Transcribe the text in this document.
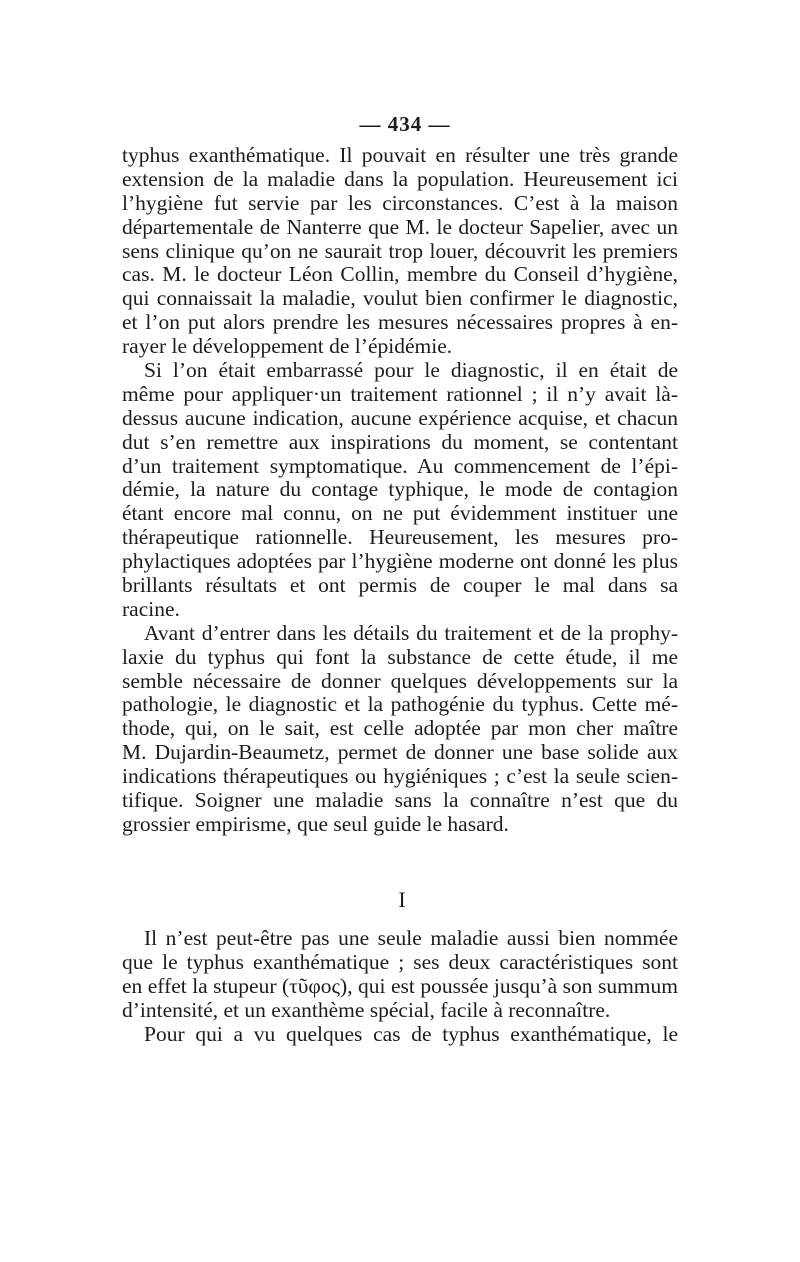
— 434 —
typhus exanthématique. Il pouvait en résulter une très grande
extension de la maladie dans la population. Heureusement ici
l’hygiène fut servie par les circonstances. C’est à la maison
départementale de Nanterre que M. le docteur Sapelier, avec un
sens clinique qu’on ne saurait trop louer, découvrit les premiers
cas. M. le docteur Léon Collin, membre du Conseil d’hygiène,
qui connaissait la maladie, voulut bien confirmer le diagnostic,
et l’on put alors prendre les mesures nécessaires propres à en-
rayer le développement de l’épidémie.
Si l’on était embarrassé pour le diagnostic, il en était de
même pour appliquer·un traitement rationnel ; il n’y avait là-
dessus aucune indication, aucune expérience acquise, et chacun
dut s’en remettre aux inspirations du moment, se contentant
d’un traitement symptomatique. Au commencement de l’épi-
démie, la nature du contage typhique, le mode de contagion
étant encore mal connu, on ne put évidemment instituer une
thérapeutique rationnelle. Heureusement, les mesures pro-
phylactiques adoptées par l’hygiène moderne ont donné les plus
brillants résultats et ont permis de couper le mal dans sa
racine.
Avant d’entrer dans les détails du traitement et de la prophy-
laxie du typhus qui font la substance de cette étude, il me
semble nécessaire de donner quelques développements sur la
pathologie, le diagnostic et la pathogénie du typhus. Cette mé-
thode, qui, on le sait, est celle adoptée par mon cher maître
M. Dujardin-Beaumetz, permet de donner une base solide aux
indications thérapeutiques ou hygiéniques ; c’est la seule scien-
tifique. Soigner une maladie sans la connaître n’est que du
grossier empirisme, que seul guide le hasard.
I
Il n’est peut-être pas une seule maladie aussi bien nommée
que le typhus exanthématique ; ses deux caractéristiques sont
en effet la stupeur (τῦφος), qui est poussée jusqu’à son summum
d’intensité, et un exanthème spécial, facile à reconnaître.
Pour qui a vu quelques cas de typhus exanthématique, le
